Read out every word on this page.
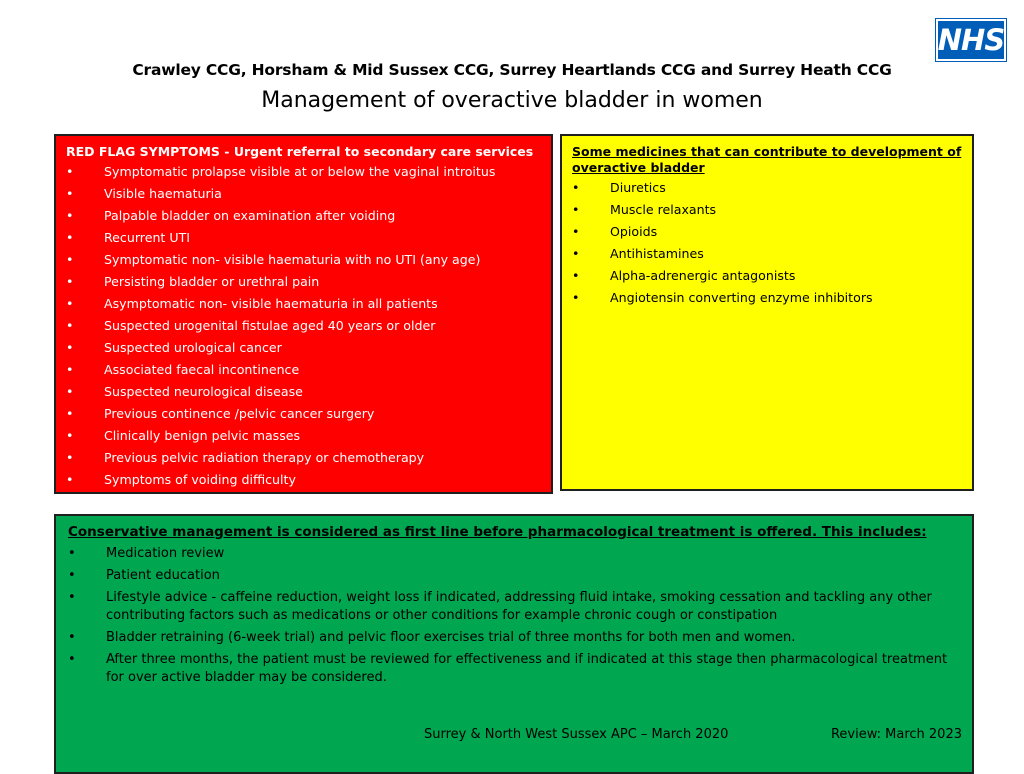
NHS
Crawley CCG, Horsham & Mid Sussex CCG, Surrey Heartlands CCG and Surrey Heath CCG
Management of overactive bladder in women
RED FLAG SYMPTOMS - Urgent referral to secondary care services
• Symptomatic prolapse visible at or below the vaginal introitus
• Visible haematuria
• Palpable bladder on examination after voiding
• Recurrent UTI
• Symptomatic non- visible haematuria with no UTI (any age)
• Persisting bladder or urethral pain
• Asymptomatic non- visible haematuria in all patients
• Suspected urogenital fistulae aged 40 years or older
• Suspected urological cancer
• Associated faecal incontinence
• Suspected neurological disease
• Previous continence /pelvic cancer surgery
• Clinically benign pelvic masses
• Previous pelvic radiation therapy or chemotherapy
• Symptoms of voiding difficulty
Some medicines that can contribute to development of overactive bladder
• Diuretics
• Muscle relaxants
• Opioids
• Antihistamines
• Alpha-adrenergic antagonists
• Angiotensin converting enzyme inhibitors
Conservative management is considered as first line before pharmacological treatment is offered. This includes:
• Medication review
• Patient education
• Lifestyle advice - caffeine reduction, weight loss if indicated, addressing fluid intake, smoking cessation and tackling any other contributing factors such as medications or other conditions for example chronic cough or constipation
• Bladder retraining (6-week trial) and pelvic floor exercises trial of three months for both men and women.
• After three months, the patient must be reviewed for effectiveness and if indicated at this stage then pharmacological treatment for over active bladder may be considered.
Surrey & North West Sussex APC – March 2020	Review: March 2023
